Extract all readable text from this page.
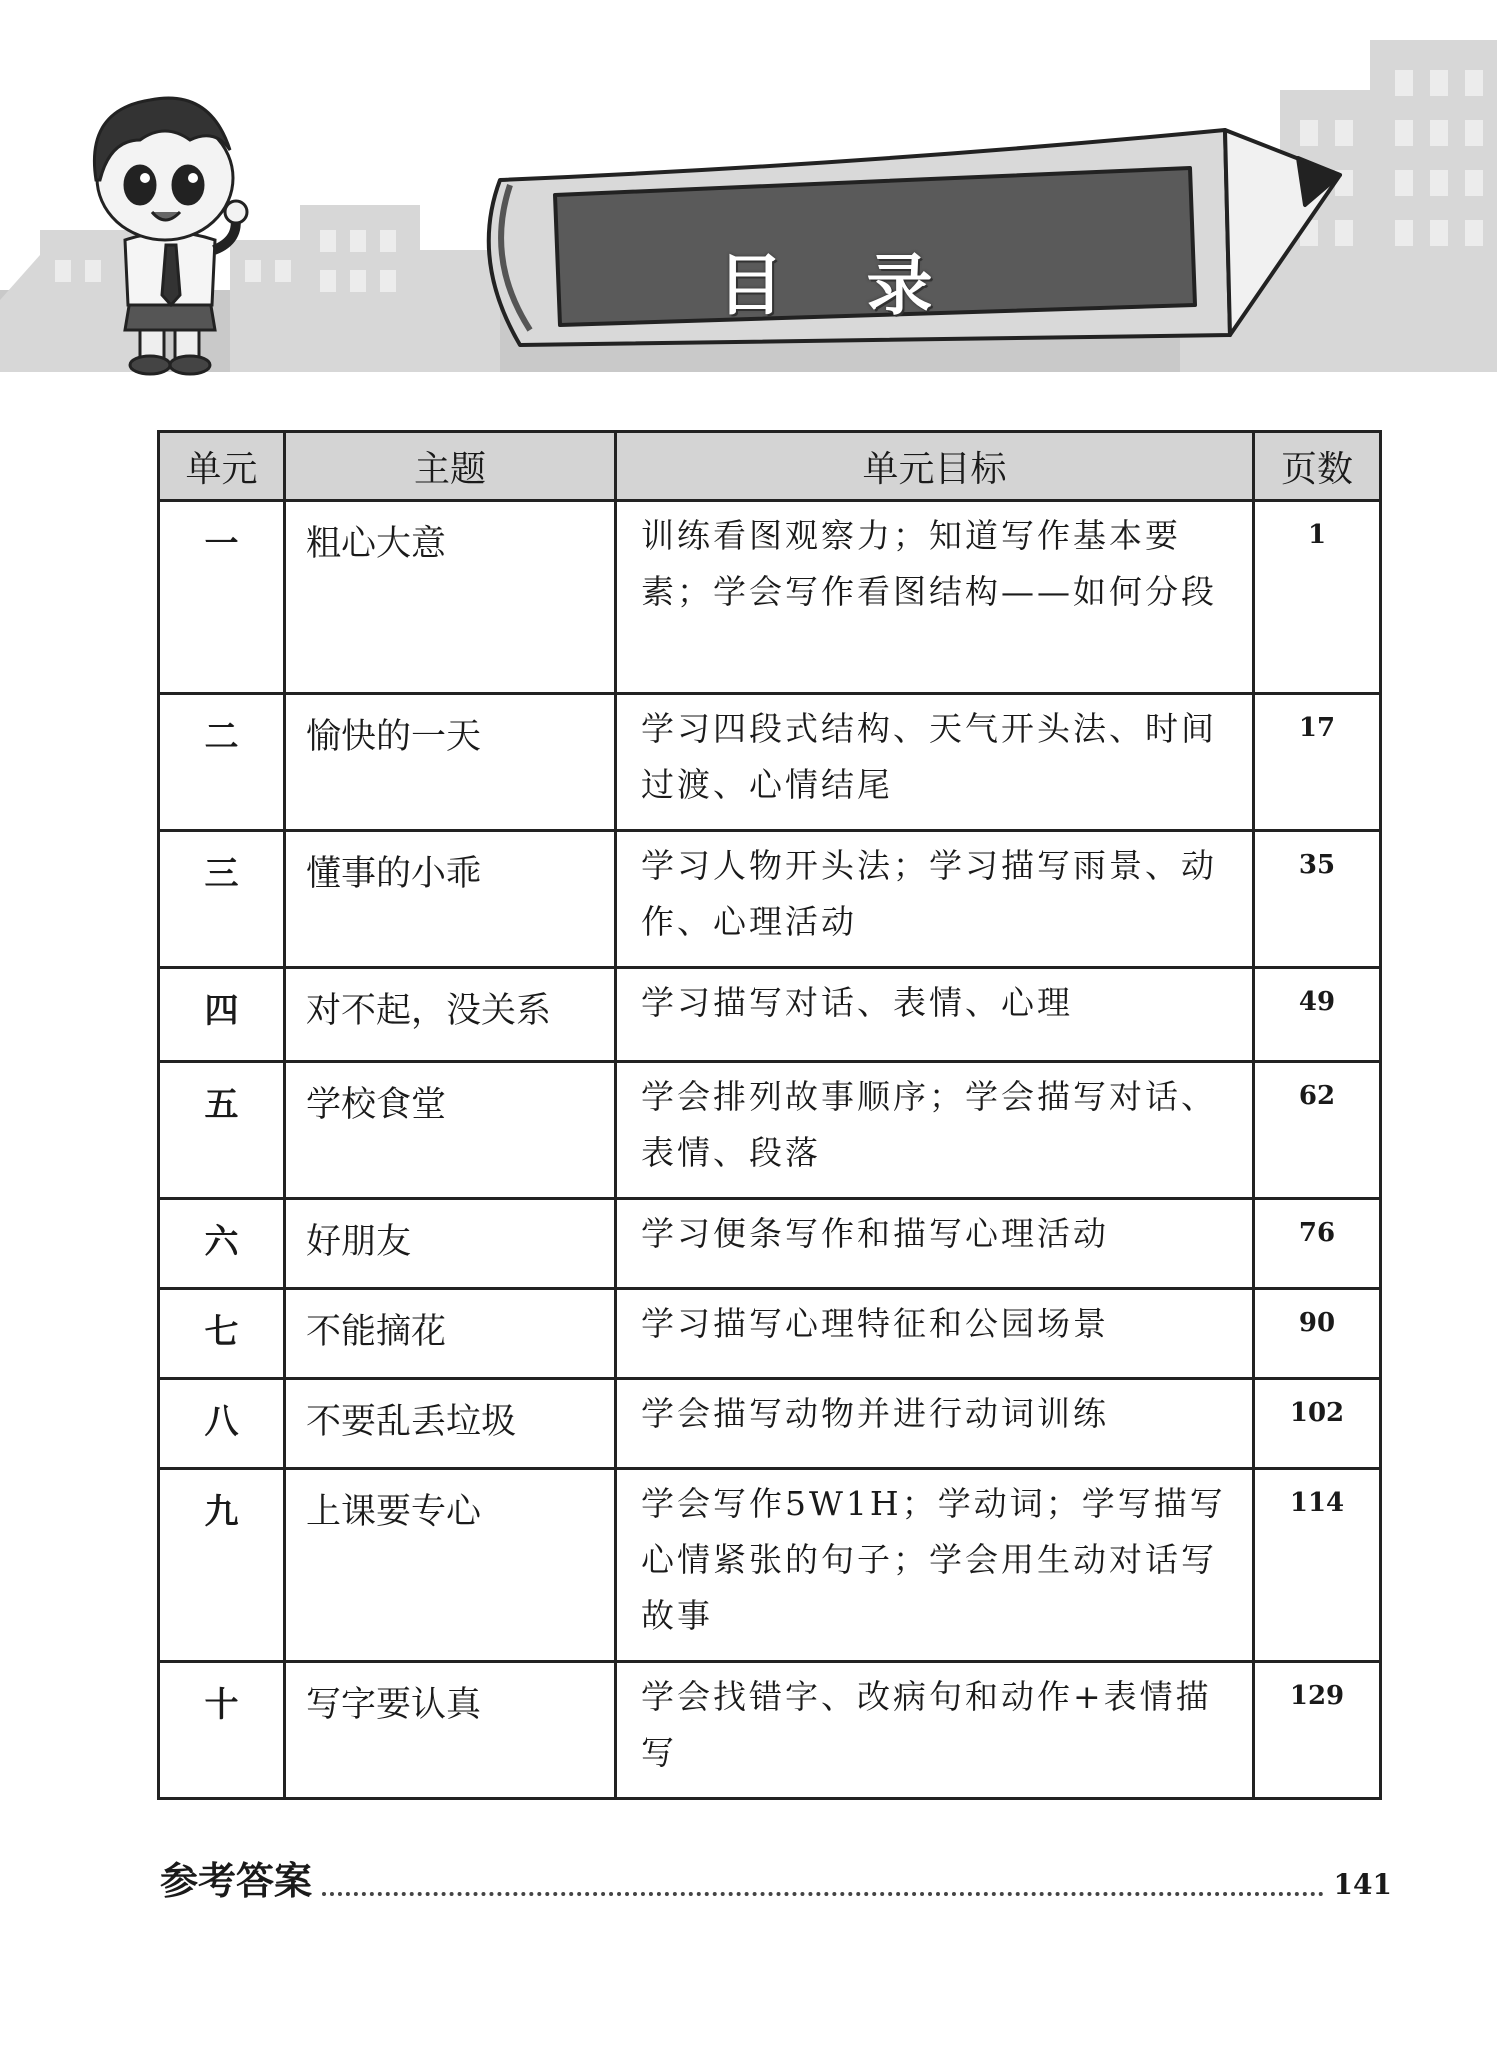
目 录
单元	主题	单元目标	页数
一	粗心大意	训练看图观察力；知道写作基本要素；学会写作看图结构——如何分段	1
二	愉快的一天	学习四段式结构、天气开头法、时间过渡、心情结尾	17
三	懂事的小乖	学习人物开头法；学习描写雨景、动作、心理活动	35
四	对不起，没关系	学习描写对话、表情、心理	49
五	学校食堂	学会排列故事顺序；学会描写对话、表情、段落	62
六	好朋友	学习便条写作和描写心理活动	76
七	不能摘花	学习描写心理特征和公园场景	90
八	不要乱丢垃圾	学会描写动物并进行动词训练	102
九	上课要专心	学会写作5W1H；学动词；学写描写心情紧张的句子；学会用生动对话写故事	114
十	写字要认真	学会找错字、改病句和动作+表情描写	129
参考答案	141
